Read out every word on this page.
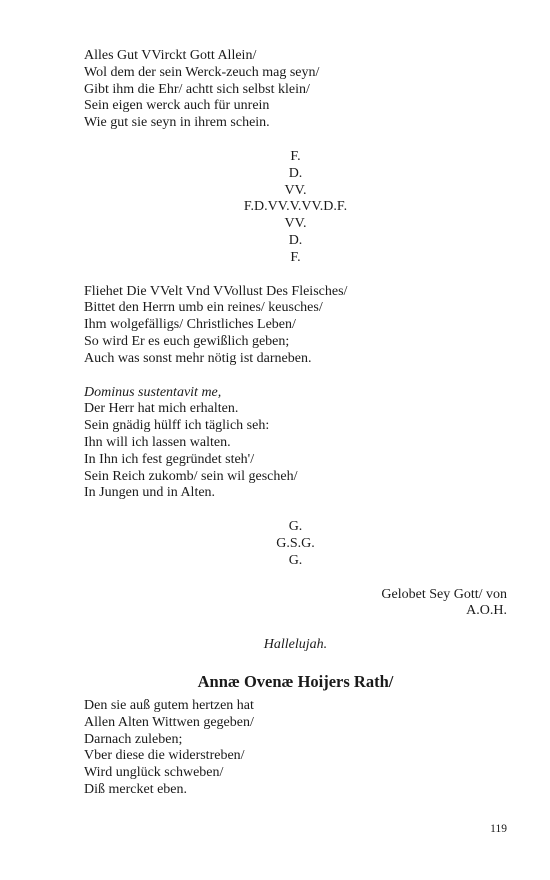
Alles Gut VVirckt Gott Allein/
Wol dem der sein Werck-zeuch mag seyn/
Gibt ihm die Ehr/ achtt sich selbst klein/
Sein eigen werck auch für unrein
Wie gut sie seyn in ihrem schein.
F.
D.
VV.
F.D.VV.V.VV.D.F.
VV.
D.
F.
Fliehet Die VVelt Vnd VVollust Des Fleisches/
Bittet den Herrn umb ein reines/ keusches/
Ihm wolgefälligs/ Christliches Leben/
So wird Er es euch gewißlich geben;
Auch was sonst mehr nötig ist darneben.
Dominus sustentavit me,
Der Herr hat mich erhalten.
Sein gnädig hülff ich täglich seh:
Ihn will ich lassen walten.
In Ihn ich fest gegründet steh'/
Sein Reich zukomb/ sein wil gescheh/
In Jungen und in Alten.
G.
G.S.G.
G.
Gelobet Sey Gott/ von
A.O.H.
Hallelujah.
Annæ Ovenæ Hoijers Rath/
Den sie auß gutem hertzen hat
Allen Alten Wittwen gegeben/
Darnach zuleben;
Vber diese die widerstreben/
Wird unglück schweben/
Diß mercket eben.
119
